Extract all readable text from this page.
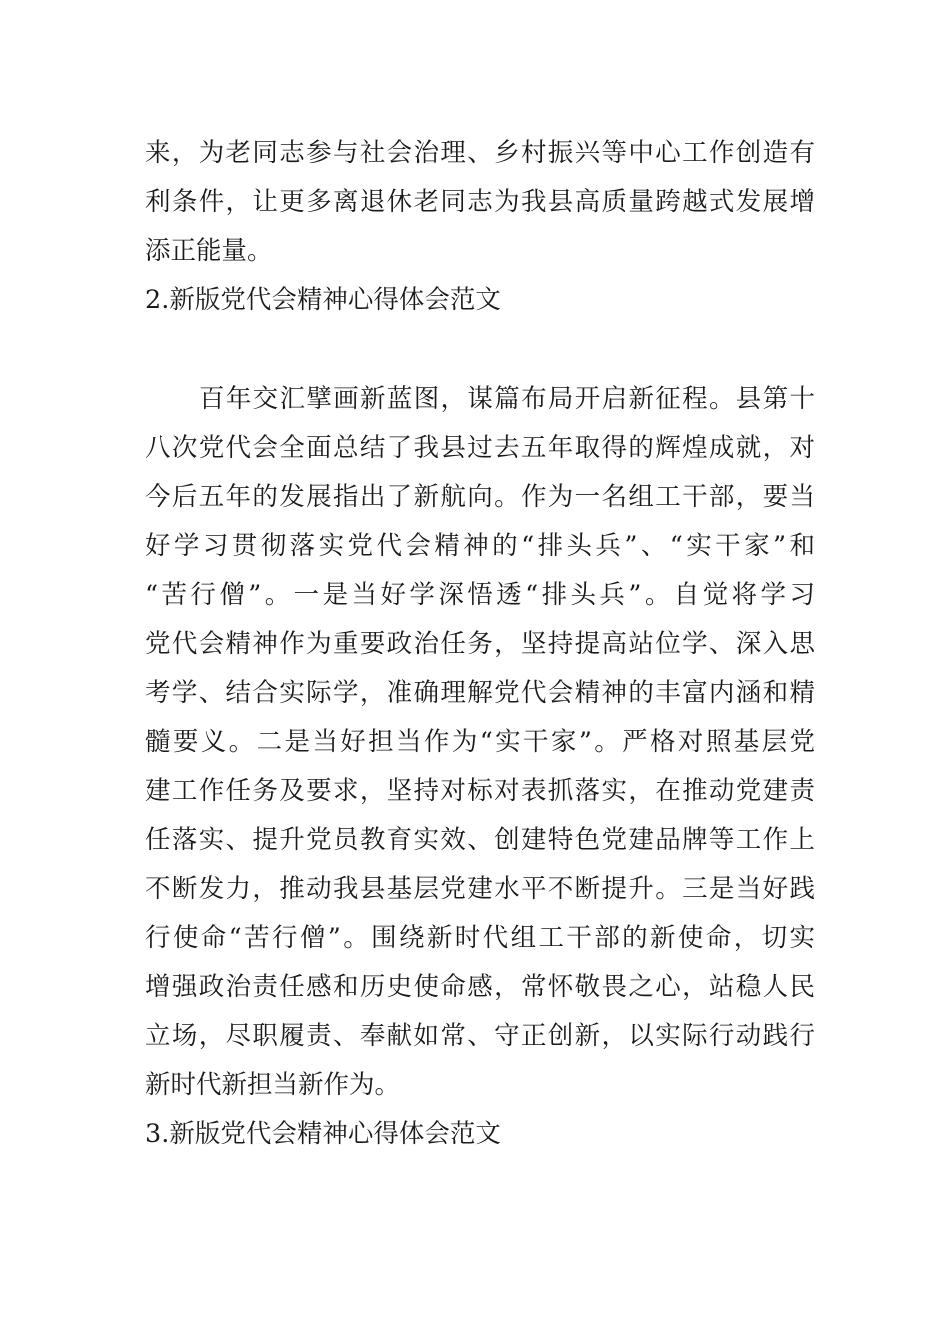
来，为老同志参与社会治理、乡村振兴等中心工作创造有
利条件，让更多离退休老同志为我县高质量跨越式发展增
添正能量。
2.新版党代会精神心得体会范文
百年交汇擘画新蓝图，谋篇布局开启新征程。县第十
八次党代会全面总结了我县过去五年取得的辉煌成就，对
今后五年的发展指出了新航向。作为一名组工干部，要当
好学习贯彻落实党代会精神的“排头兵”、“实干家”和
“苦行僧”。一是当好学深悟透“排头兵”。自觉将学习
党代会精神作为重要政治任务，坚持提高站位学、深入思
考学、结合实际学，准确理解党代会精神的丰富内涵和精
髓要义。二是当好担当作为“实干家”。严格对照基层党
建工作任务及要求，坚持对标对表抓落实，在推动党建责
任落实、提升党员教育实效、创建特色党建品牌等工作上
不断发力，推动我县基层党建水平不断提升。三是当好践
行使命“苦行僧”。围绕新时代组工干部的新使命，切实
增强政治责任感和历史使命感，常怀敬畏之心，站稳人民
立场，尽职履责、奉献如常、守正创新，以实际行动践行
新时代新担当新作为。
3.新版党代会精神心得体会范文
